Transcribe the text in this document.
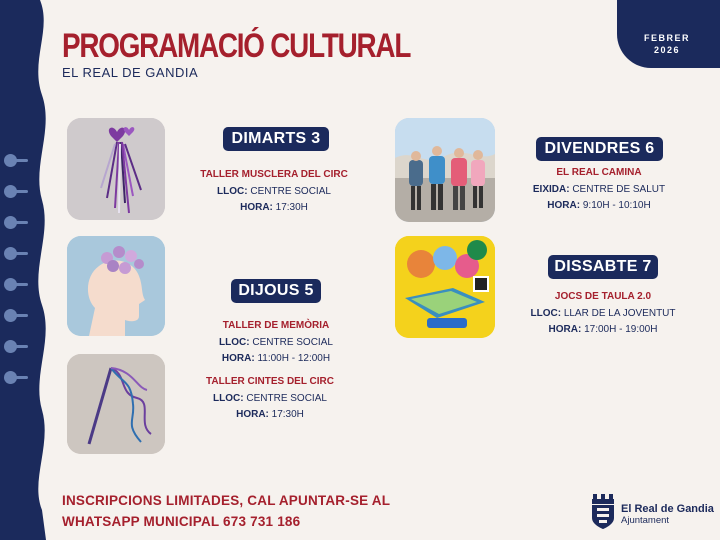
PROGRAMACIÓ CULTURAL
EL REAL DE GANDIA
FEBRER
2026
DIMARTS 3
DIJOUS 5
DIVENDRES 6
DISSABTE 7
TALLER MUSCLERA DEL CIRC
LLOC: CENTRE SOCIAL
HORA: 17:30H
TALLER DE MEMÒRIA
LLOC: CENTRE SOCIAL
HORA: 11:00H - 12:00H
TALLER CINTES DEL CIRC
LLOC: CENTRE SOCIAL
HORA: 17:30H
EL REAL CAMINA
EIXIDA: CENTRE DE SALUT
HORA: 9:10H - 10:10H
JOCS DE TAULA 2.0
LLOC: LLAR DE LA JOVENTUT
HORA: 17:00H - 19:00H
INSCRIPCIONS LIMITADES, CAL APUNTAR-SE AL
WHATSAPP MUNICIPAL 673 731 186
El Real de Gandia
Ajuntament
